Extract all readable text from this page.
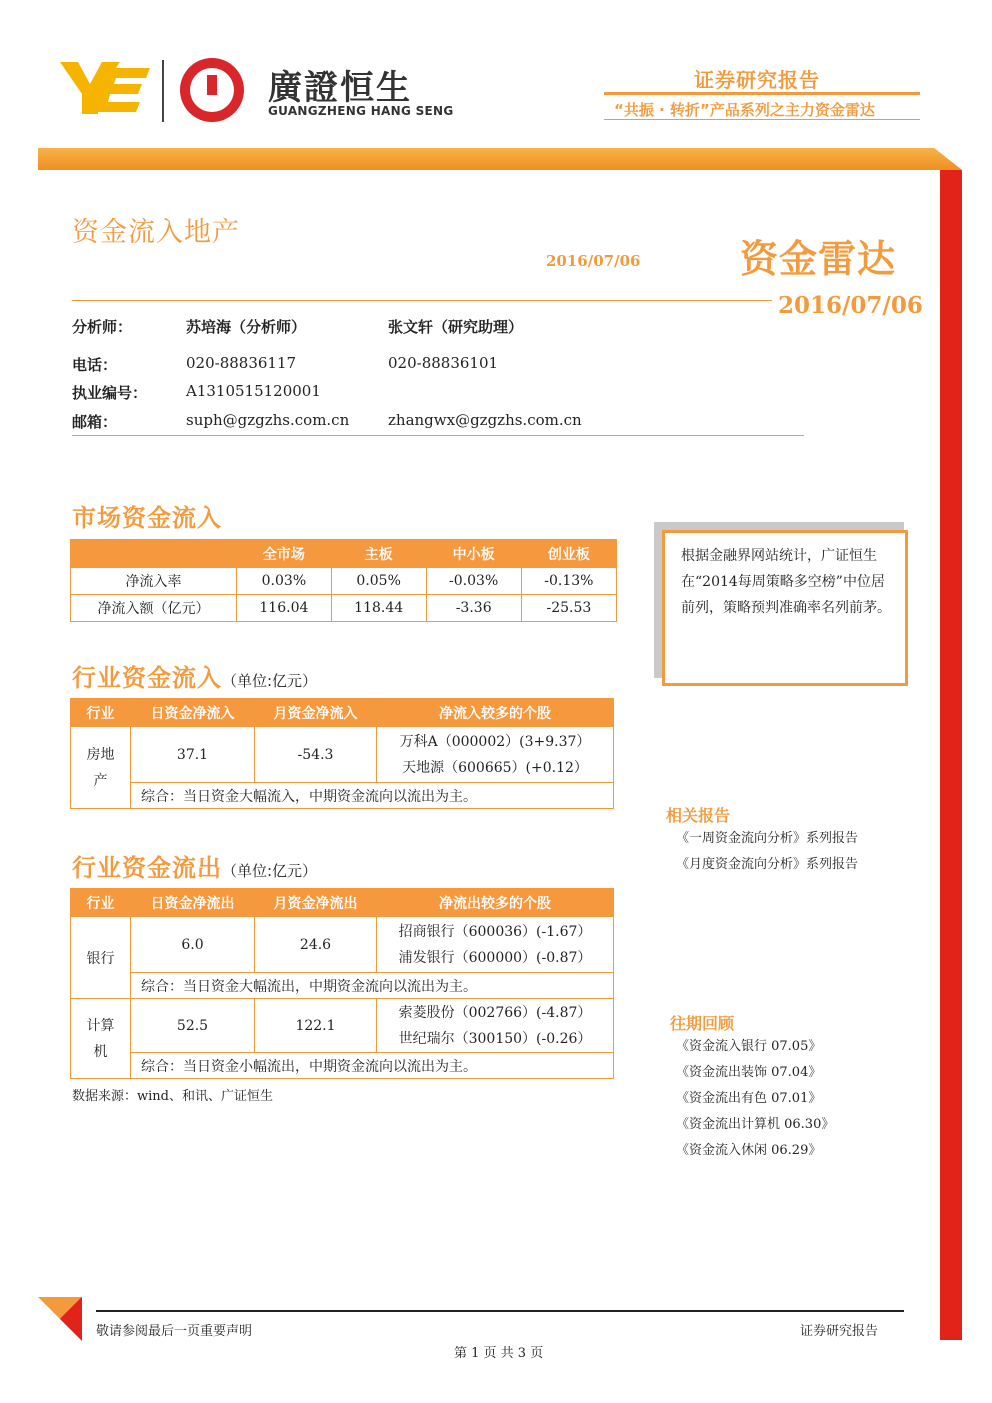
廣證恒生
GUANGZHENG HANG SENG
证券研究报告
“共振 · 转折”产品系列之主力资金雷达
资金流入地产
2016/07/06	资金雷达
2016/07/06
分析师：	苏培海（分析师）	张文轩（研究助理）
电话：	020-88836117	020-88836101
执业编号：	A1310515120001
邮箱：	suph@gzgzhs.com.cn	zhangwx@gzgzhs.com.cn
市场资金流入
	全市场	主板	中小板	创业板
净流入率	0.03%	0.05%	-0.03%	-0.13%
净流入额（亿元）	116.04	118.44	-3.36	-25.53
行业资金流入（单位:亿元）
行业	日资金净流入	月资金净流入	净流入较多的个股
房地产	37.1	-54.3	万科A（000002）(3+9.37）
天地源（600665）(+0.12）

	综合：当日资金大幅流入，中期资金流向以流出为主。		
行业资金流出（单位:亿元）
行业	日资金净流出	月资金净流出	净流出较多的个股
银行	6.0	24.6	招商银行（600036）(-1.67）
浦发银行（600000）(-0.87）

	综合：当日资金大幅流出，中期资金流向以流出为主。		
计算机	52.5	122.1	索菱股份（002766）(-4.87）
世纪瑞尔（300150）(-0.26）

	综合：当日资金小幅流出，中期资金流向以流出为主。		
数据来源：wind、和讯、广证恒生
根据金融界网站统计，广证恒生在“2014每周策略多空榜”中位居前列，策略预判准确率名列前茅。
相关报告
《一周资金流向分析》系列报告
《月度资金流向分析》系列报告
往期回顾
《资金流入银行 07.05》
《资金流出装饰 07.04》
《资金流出有色 07.01》
《资金流出计算机 06.30》
《资金流入休闲 06.29》
敬请参阅最后一页重要声明	证券研究报告
第 1 页 共 3 页
